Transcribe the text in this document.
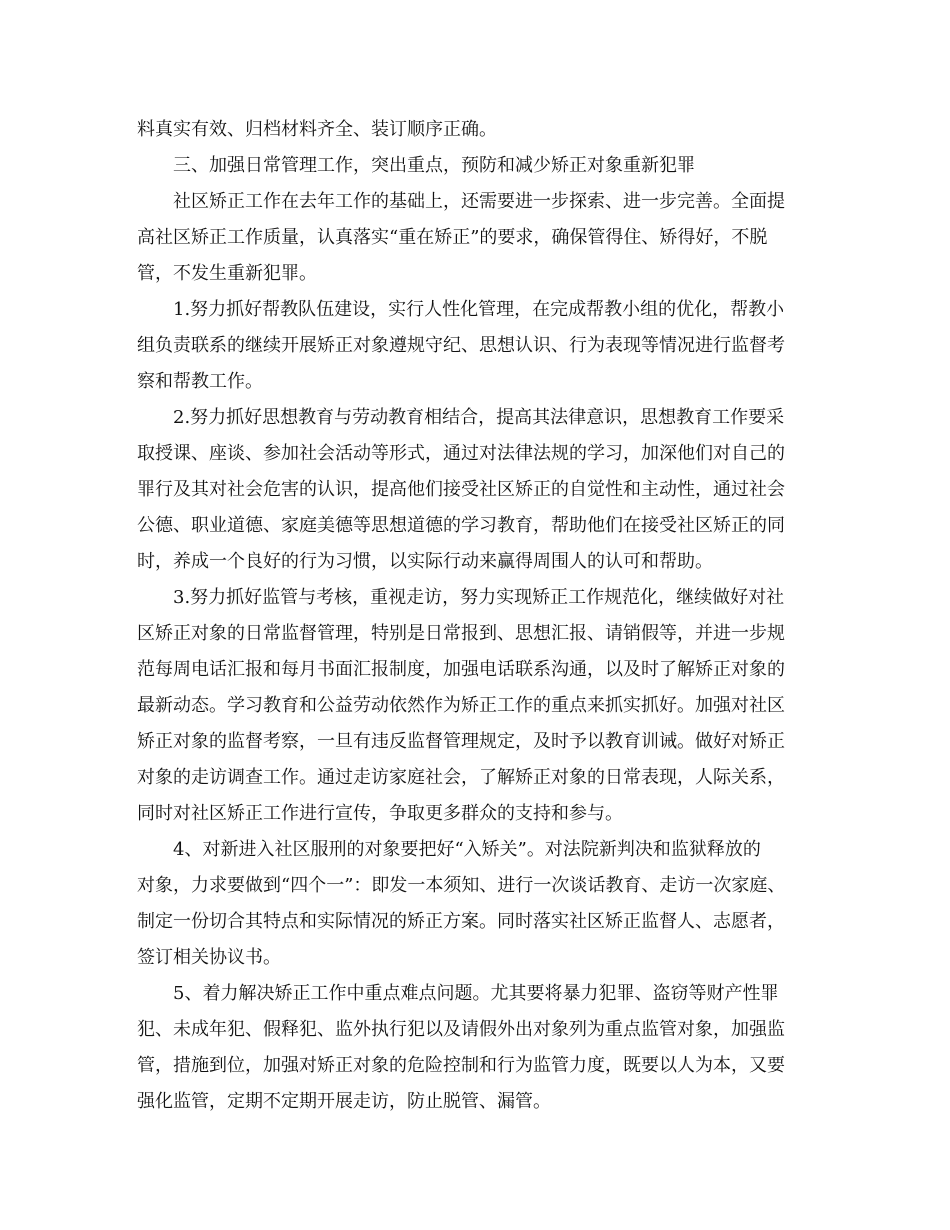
料真实有效、归档材料齐全、装订顺序正确。
三、加强日常管理工作，突出重点，预防和减少矫正对象重新犯罪
社区矫正工作在去年工作的基础上，还需要进一步探索、进一步完善。全面提
高社区矫正工作质量，认真落实“重在矫正”的要求，确保管得住、矫得好，不脱
管，不发生重新犯罪。
1.努力抓好帮教队伍建设，实行人性化管理，在完成帮教小组的优化，帮教小
组负责联系的继续开展矫正对象遵规守纪、思想认识、行为表现等情况进行监督考
察和帮教工作。
2.努力抓好思想教育与劳动教育相结合，提高其法律意识，思想教育工作要采
取授课、座谈、参加社会活动等形式，通过对法律法规的学习，加深他们对自己的
罪行及其对社会危害的认识，提高他们接受社区矫正的自觉性和主动性，通过社会
公德、职业道德、家庭美德等思想道德的学习教育，帮助他们在接受社区矫正的同
时，养成一个良好的行为习惯，以实际行动来赢得周围人的认可和帮助。
3.努力抓好监管与考核，重视走访，努力实现矫正工作规范化，继续做好对社
区矫正对象的日常监督管理，特别是日常报到、思想汇报、请销假等，并进一步规
范每周电话汇报和每月书面汇报制度，加强电话联系沟通，以及时了解矫正对象的
最新动态。学习教育和公益劳动依然作为矫正工作的重点来抓实抓好。加强对社区
矫正对象的监督考察，一旦有违反监督管理规定，及时予以教育训诫。做好对矫正
对象的走访调查工作。通过走访家庭社会，了解矫正对象的日常表现，人际关系，
同时对社区矫正工作进行宣传，争取更多群众的支持和参与。
4、对新进入社区服刑的对象要把好“入矫关”。对法院新判决和监狱释放的
对象，力求要做到“四个一”：即发一本须知、进行一次谈话教育、走访一次家庭、
制定一份切合其特点和实际情况的矫正方案。同时落实社区矫正监督人、志愿者，
签订相关协议书。
5、着力解决矫正工作中重点难点问题。尤其要将暴力犯罪、盗窃等财产性罪
犯、未成年犯、假释犯、监外执行犯以及请假外出对象列为重点监管对象，加强监
管，措施到位，加强对矫正对象的危险控制和行为监管力度，既要以人为本，又要
强化监管，定期不定期开展走访，防止脱管、漏管。
